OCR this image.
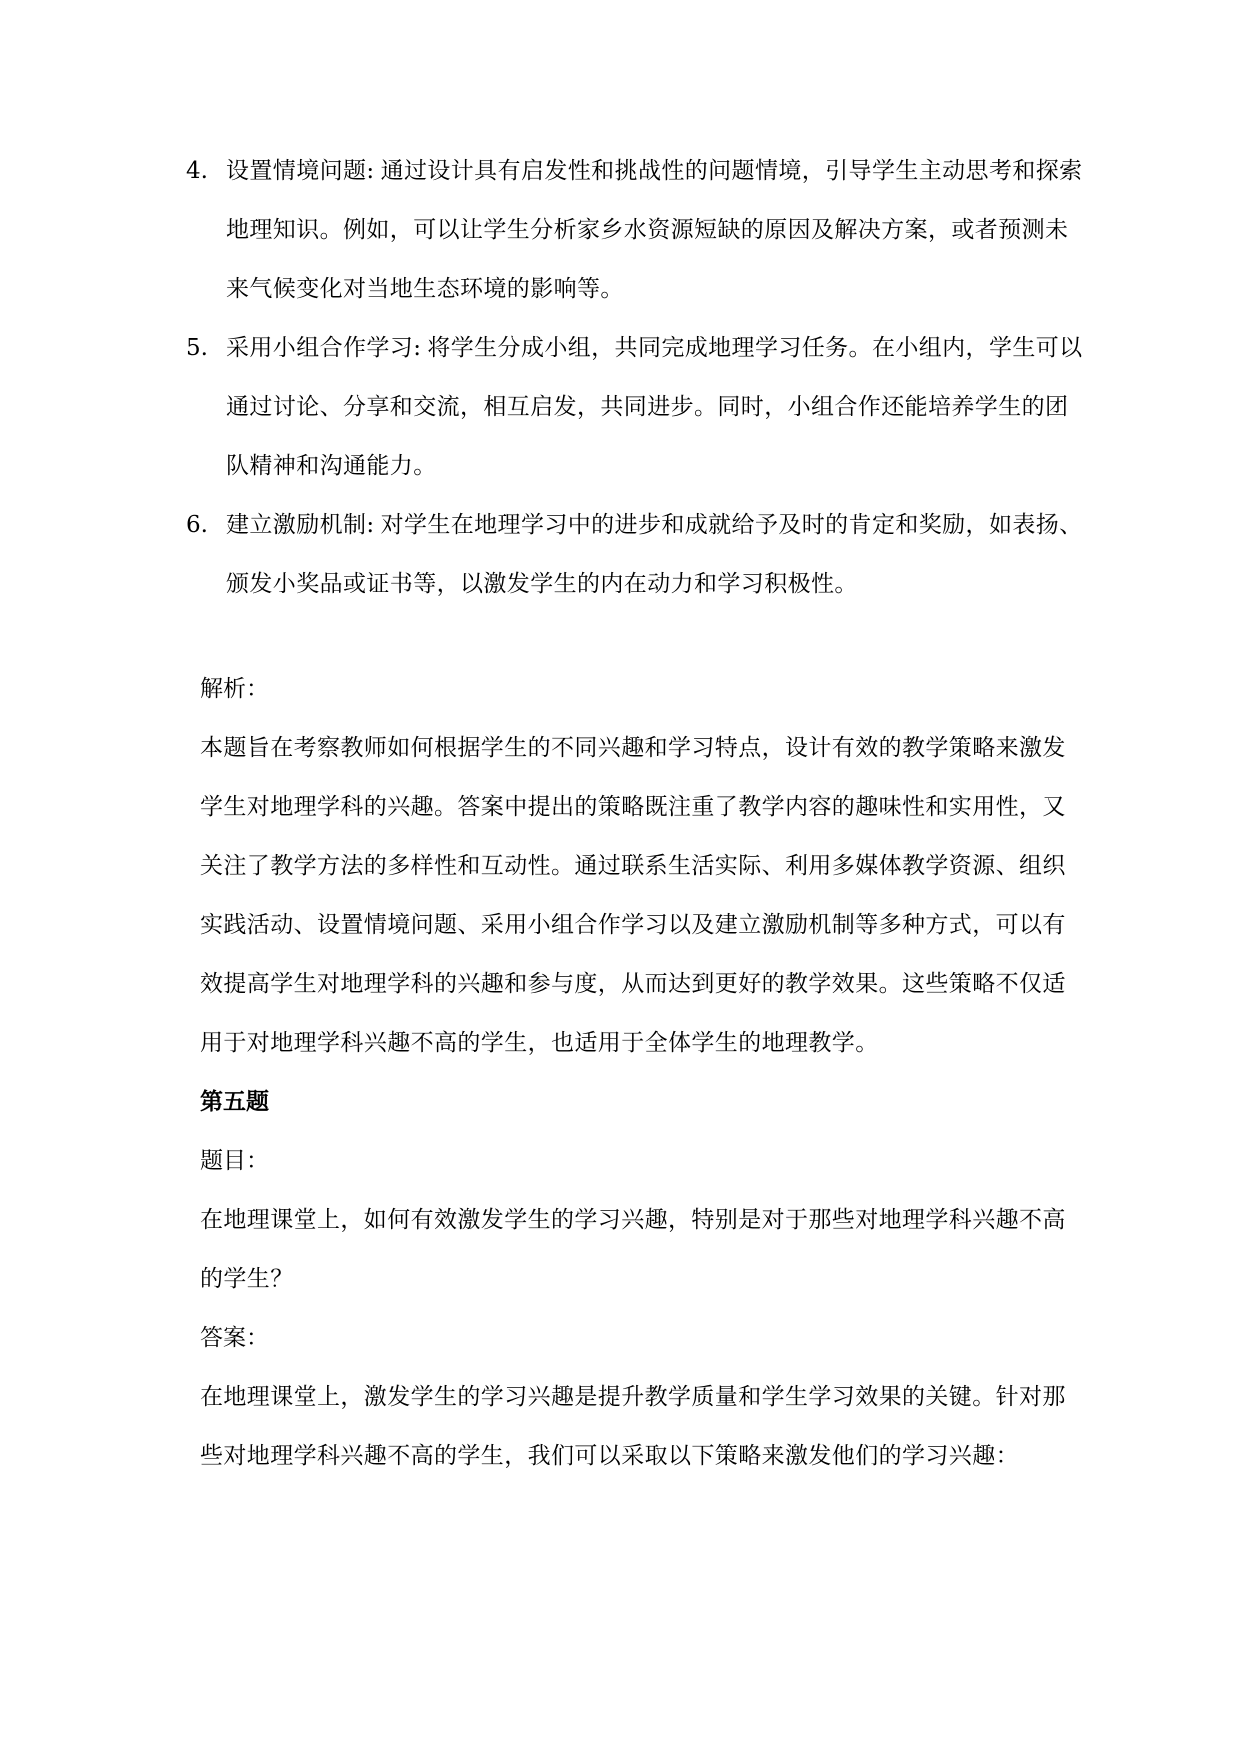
4. 设置情境问题: 通过设计具有启发性和挑战性的问题情境，引导学生主动思考和探索地理知识。例如，可以让学生分析家乡水资源短缺的原因及解决方案，或者预测未来气候变化对当地生态环境的影响等。
5. 采用小组合作学习: 将学生分成小组，共同完成地理学习任务。在小组内，学生可以通过讨论、分享和交流，相互启发，共同进步。同时，小组合作还能培养学生的团队精神和沟通能力。
6. 建立激励机制: 对学生在地理学习中的进步和成就给予及时的肯定和奖励，如表扬、颁发小奖品或证书等，以激发学生的内在动力和学习积极性。

解析：

本题旨在考察教师如何根据学生的不同兴趣和学习特点，设计有效的教学策略来激发学生对地理学科的兴趣。答案中提出的策略既注重了教学内容的趣味性和实用性，又关注了教学方法的多样性和互动性。通过联系生活实际、利用多媒体教学资源、组织实践活动、设置情境问题、采用小组合作学习以及建立激励机制等多种方式，可以有效提高学生对地理学科的兴趣和参与度，从而达到更好的教学效果。这些策略不仅适用于对地理学科兴趣不高的学生，也适用于全体学生的地理教学。

第五题

题目：

在地理课堂上，如何有效激发学生的学习兴趣，特别是对于那些对地理学科兴趣不高的学生？

答案：

在地理课堂上，激发学生的学习兴趣是提升教学质量和学生学习效果的关键。针对那些对地理学科兴趣不高的学生，我们可以采取以下策略来激发他们的学习兴趣：
